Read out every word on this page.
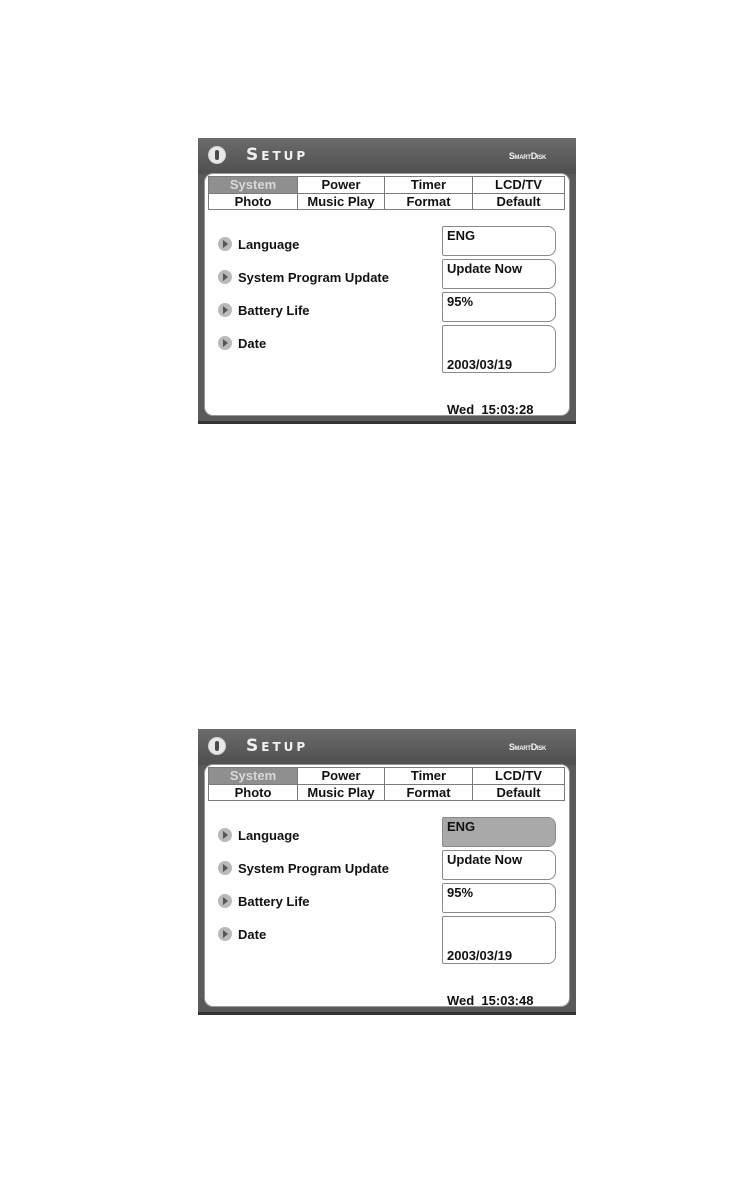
Setup	SmartDisk
System	Power	Timer	LCD/TV
Photo	Music Play	Format	Default
Language
ENG
System Program Update
Update Now
Battery Life
95%
Date

2003/03/19

Wed  15:03:28

Setup	SmartDisk
System	Power	Timer	LCD/TV
Photo	Music Play	Format	Default
Language
ENG
System Program Update
Update Now
Battery Life
95%
Date

2003/03/19

Wed  15:03:48
